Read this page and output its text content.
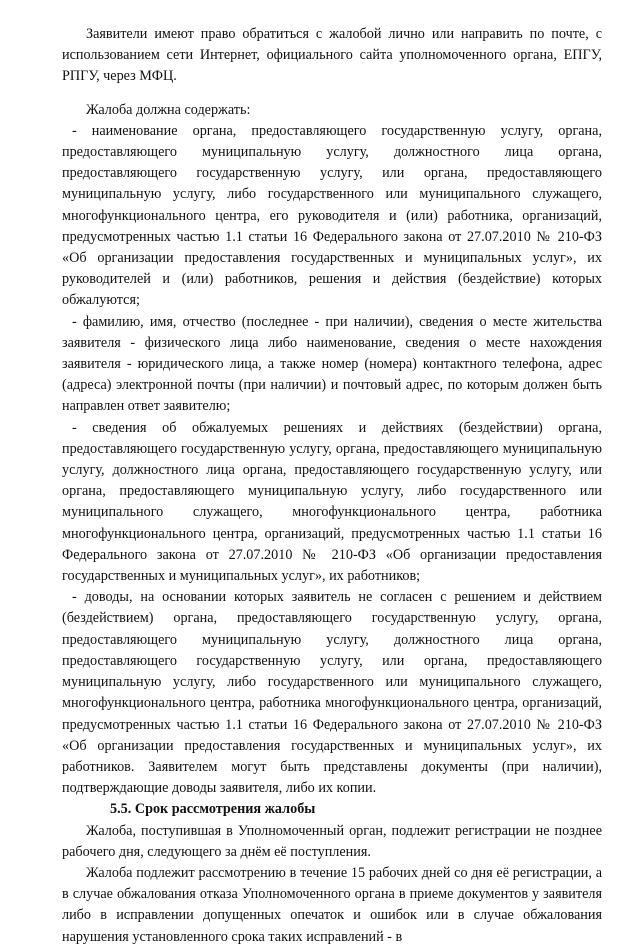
Заявители имеют право обратиться с жалобой лично или направить по почте, с использованием сети Интернет, официального сайта уполномоченного органа, ЕПГУ, РПГУ, через МФЦ.

Жалоба должна содержать:

- наименование органа, предоставляющего государственную услугу, органа, предоставляющего муниципальную услугу, должностного лица органа, предоставляющего государственную услугу, или органа, предоставляющего муниципальную услугу, либо государственного или муниципального служащего, многофункционального центра, его руководителя и (или) работника, организаций, предусмотренных частью 1.1 статьи 16 Федерального закона от 27.07.2010 № 210-ФЗ «Об организации предоставления государственных и муниципальных услуг», их руководителей и (или) работников, решения и действия (бездействие) которых обжалуются;

- фамилию, имя, отчество (последнее - при наличии), сведения о месте жительства заявителя - физического лица либо наименование, сведения о месте нахождения заявителя - юридического лица, а также номер (номера) контактного телефона, адрес (адреса) электронной почты (при наличии) и почтовый адрес, по которым должен быть направлен ответ заявителю;

- сведения об обжалуемых решениях и действиях (бездействии) органа, предоставляющего государственную услугу, органа, предоставляющего муниципальную услугу, должностного лица органа, предоставляющего государственную услугу, или органа, предоставляющего муниципальную услугу, либо государственного или муниципального служащего, многофункционального центра, работника многофункционального центра, организаций, предусмотренных частью 1.1 статьи 16 Федерального закона от 27.07.2010 № 210-ФЗ «Об организации предоставления государственных и муниципальных услуг», их работников;

- доводы, на основании которых заявитель не согласен с решением и действием (бездействием) органа, предоставляющего государственную услугу, органа, предоставляющего муниципальную услугу, должностного лица органа, предоставляющего государственную услугу, или органа, предоставляющего муниципальную услугу, либо государственного или муниципального служащего, многофункционального центра, работника многофункционального центра, организаций, предусмотренных частью 1.1 статьи 16 Федерального закона от 27.07.2010 № 210-ФЗ «Об организации предоставления государственных и муниципальных услуг», их работников. Заявителем могут быть представлены документы (при наличии), подтверждающие доводы заявителя, либо их копии.

5.5. Срок рассмотрения жалобы

Жалоба, поступившая в Уполномоченный орган, подлежит регистрации не позднее рабочего дня, следующего за днём её поступления.

Жалоба подлежит рассмотрению в течение 15 рабочих дней со дня её регистрации, а в случае обжалования отказа Уполномоченного органа в приеме документов у заявителя либо в исправлении допущенных опечаток и ошибок или в случае обжалования нарушения установленного срока таких исправлений - в
